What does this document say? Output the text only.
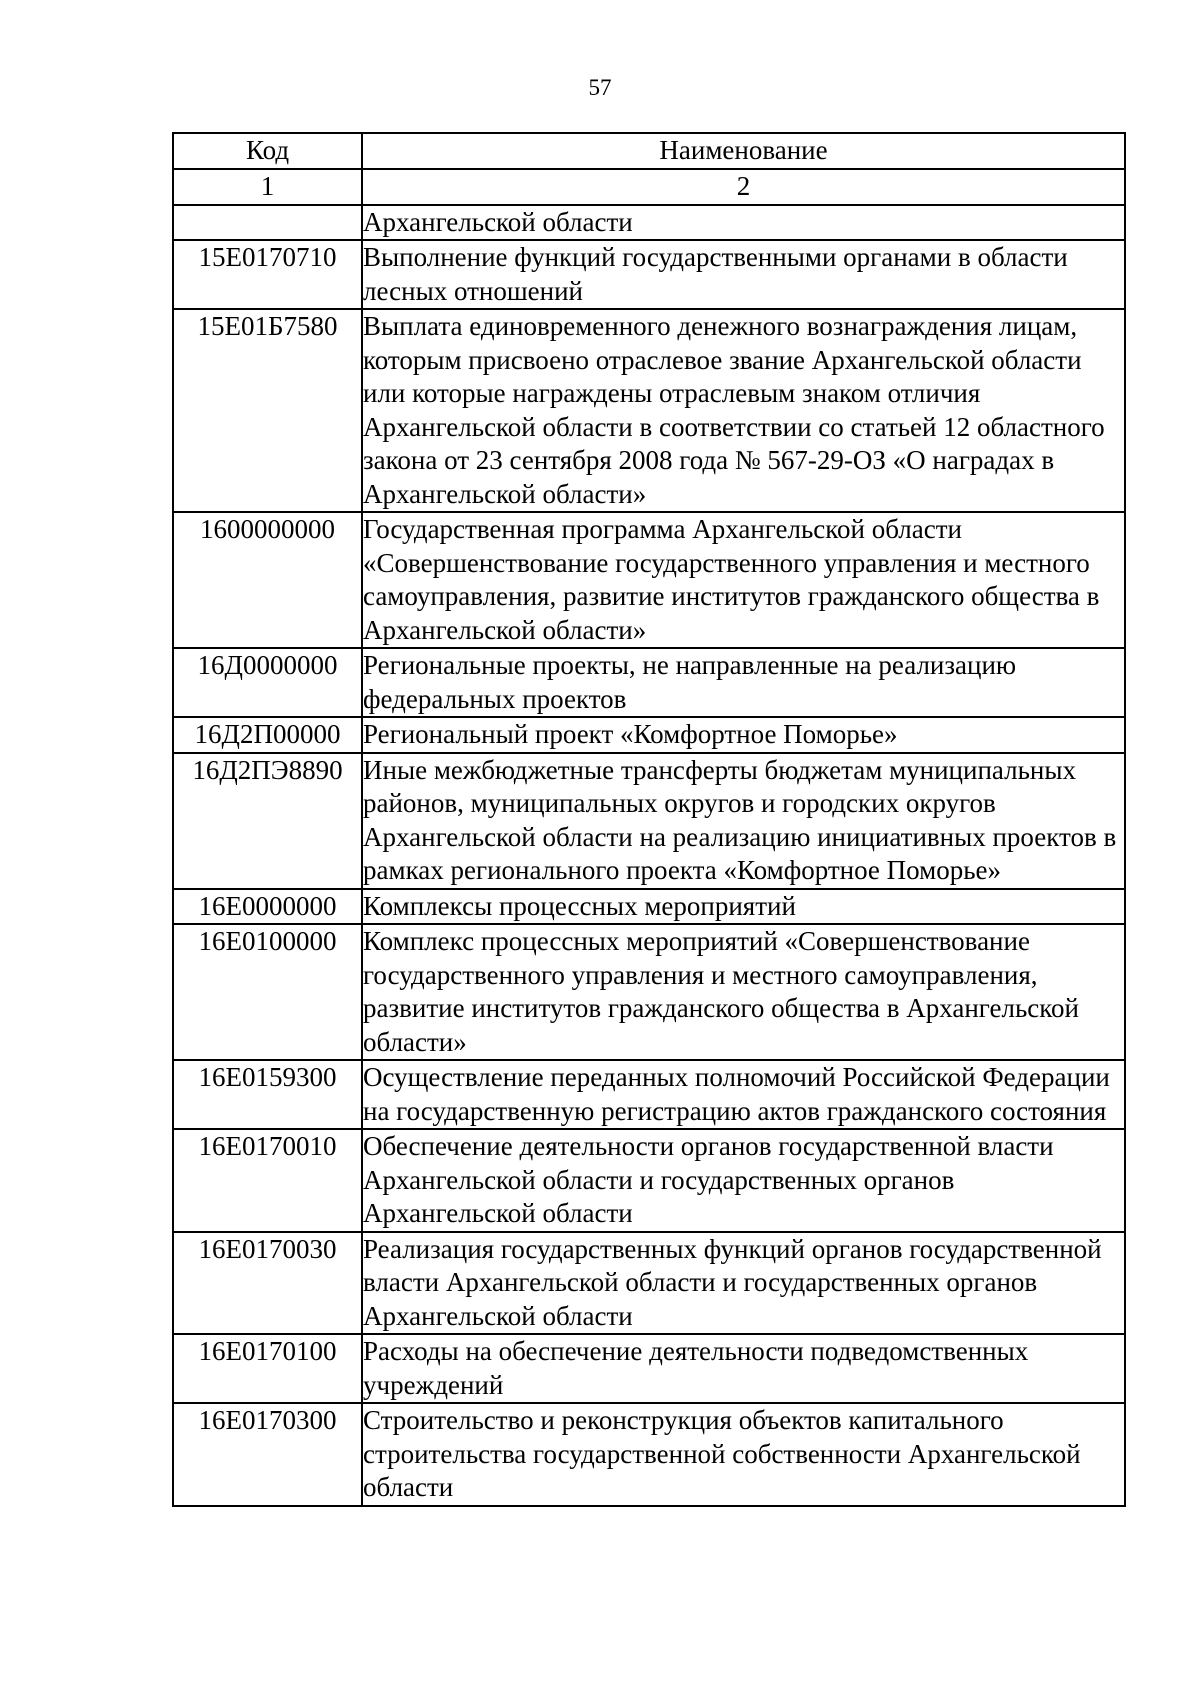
57
Код	Наименование
1	2
	Архангельской области
15Е0170710	Выполнение функций государственными органами в области лесных отношений
15Е01Б7580	Выплата единовременного денежного вознаграждения лицам, которым присвоено отраслевое звание Архангельской области или которые награждены отраслевым знаком отличия Архангельской области в соответствии со статьей 12 областного закона от 23 сентября 2008 года № 567-29-ОЗ «О наградах в Архангельской области»
1600000000	Государственная программа Архангельской области «Совершенствование государственного управления и местного самоуправления, развитие институтов гражданского общества в Архангельской области»
16Д0000000	Региональные проекты, не направленные на реализацию федеральных проектов
16Д2П00000	Региональный проект «Комфортное Поморье»
16Д2ПЭ8890	Иные межбюджетные трансферты бюджетам муниципальных районов, муниципальных округов и городских округов Архангельской области на реализацию инициативных проектов в рамках регионального проекта «Комфортное Поморье»
16Е0000000	Комплексы процессных мероприятий
16Е0100000	Комплекс процессных мероприятий «Совершенствование государственного управления и местного самоуправления, развитие институтов гражданского общества в Архангельской области»
16Е0159300	Осуществление переданных полномочий Российской Федерации на государственную регистрацию актов гражданского состояния
16Е0170010	Обеспечение деятельности органов государственной власти Архангельской области и государственных органов Архангельской области
16Е0170030	Реализация государственных функций органов государственной власти Архангельской области и государственных органов Архангельской области
16Е0170100	Расходы на обеспечение деятельности подведомственных учреждений
16Е0170300	Строительство и реконструкция объектов капитального строительства государственной собственности Архангельской области
